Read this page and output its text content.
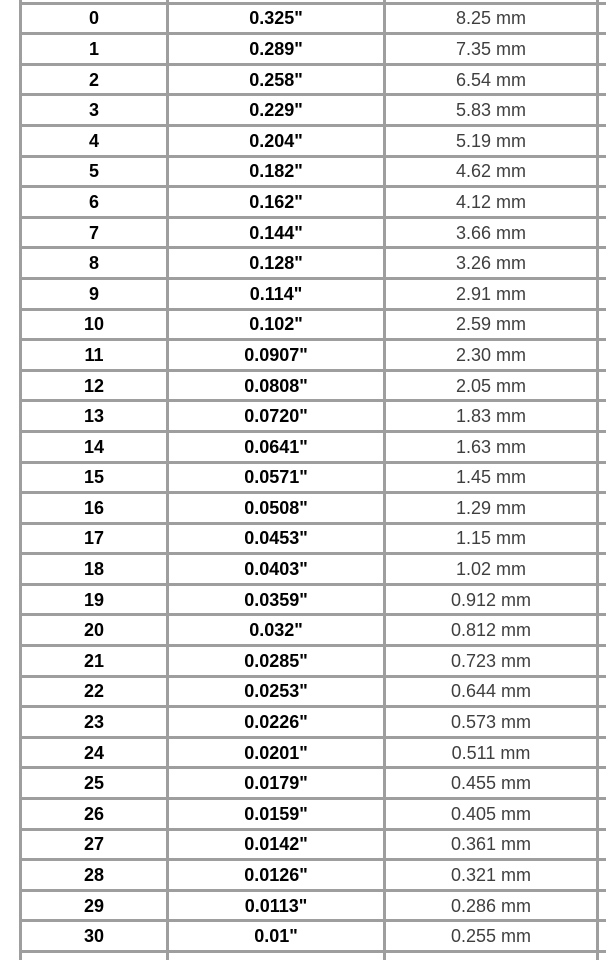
0	0.325"	8.25 mm
1	0.289"	7.35 mm
2	0.258"	6.54 mm
3	0.229"	5.83 mm
4	0.204"	5.19 mm
5	0.182"	4.62 mm
6	0.162"	4.12 mm
7	0.144"	3.66 mm
8	0.128"	3.26 mm
9	0.114"	2.91 mm
10	0.102"	2.59 mm
11	0.0907"	2.30 mm
12	0.0808"	2.05 mm
13	0.0720"	1.83 mm
14	0.0641"	1.63 mm
15	0.0571"	1.45 mm
16	0.0508"	1.29 mm
17	0.0453"	1.15 mm
18	0.0403"	1.02 mm
19	0.0359"	0.912 mm
20	0.032"	0.812 mm
21	0.0285"	0.723 mm
22	0.0253"	0.644 mm
23	0.0226"	0.573 mm
24	0.0201"	0.511 mm
25	0.0179"	0.455 mm
26	0.0159"	0.405 mm
27	0.0142"	0.361 mm
28	0.0126"	0.321 mm
29	0.0113"	0.286 mm
30	0.01"	0.255 mm
